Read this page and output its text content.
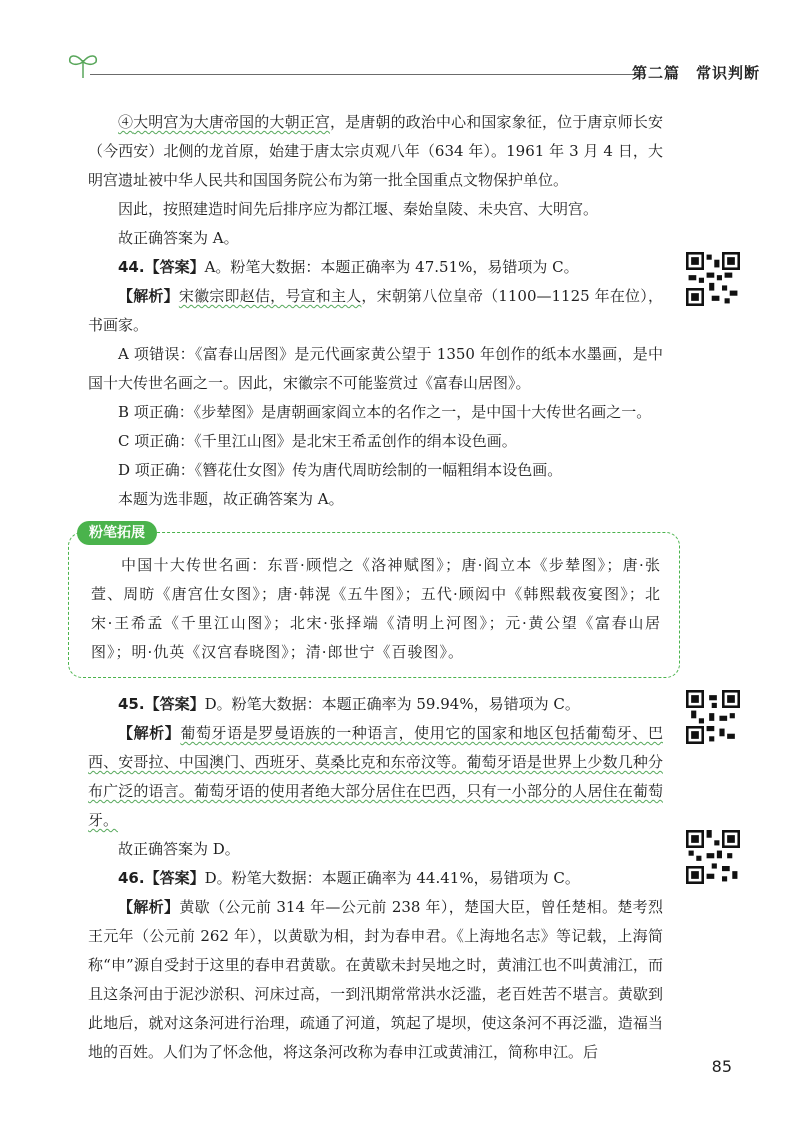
第二篇　常识判断

④大明宫为大唐帝国的大朝正宫，是唐朝的政治中心和国家象征，位于唐京师长安（今西安）北侧的龙首原，始建于唐太宗贞观八年（634 年）。1961 年 3 月 4 日，大明宫遗址被中华人民共和国国务院公布为第一批全国重点文物保护单位。

因此，按照建造时间先后排序应为都江堰、秦始皇陵、未央宫、大明宫。

故正确答案为 A。

44.【答案】A。粉笔大数据：本题正确率为 47.51%，易错项为 C。

【解析】宋徽宗即赵佶，号宣和主人，宋朝第八位皇帝（1100—1125 年在位），书画家。

A 项错误：《富春山居图》是元代画家黄公望于 1350 年创作的纸本水墨画，是中国十大传世名画之一。因此，宋徽宗不可能鉴赏过《富春山居图》。

B 项正确：《步辇图》是唐朝画家阎立本的名作之一，是中国十大传世名画之一。

C 项正确：《千里江山图》是北宋王希孟创作的绢本设色画。

D 项正确：《簪花仕女图》传为唐代周昉绘制的一幅粗绢本设色画。

本题为选非题，故正确答案为 A。

粉笔拓展

中国十大传世名画：东晋·顾恺之《洛神赋图》；唐·阎立本《步辇图》；唐·张萱、周昉《唐宫仕女图》；唐·韩滉《五牛图》；五代·顾闳中《韩熙载夜宴图》；北宋·王希孟《千里江山图》；北宋·张择端《清明上河图》；元·黄公望《富春山居图》；明·仇英《汉宫春晓图》；清·郎世宁《百骏图》。

45.【答案】D。粉笔大数据：本题正确率为 59.94%，易错项为 C。

【解析】葡萄牙语是罗曼语族的一种语言，使用它的国家和地区包括葡萄牙、巴西、安哥拉、中国澳门、西班牙、莫桑比克和东帝汶等。葡萄牙语是世界上少数几种分布广泛的语言。葡萄牙语的使用者绝大部分居住在巴西，只有一小部分的人居住在葡萄牙。

故正确答案为 D。

46.【答案】D。粉笔大数据：本题正确率为 44.41%，易错项为 C。

【解析】黄歇（公元前 314 年—公元前 238 年），楚国大臣，曾任楚相。楚考烈王元年（公元前 262 年），以黄歇为相，封为春申君。《上海地名志》等记载，上海简称“申”源自受封于这里的春申君黄歇。在黄歇未封吴地之时，黄浦江也不叫黄浦江，而且这条河由于泥沙淤积、河床过高，一到汛期常常洪水泛滥，老百姓苦不堪言。黄歇到此地后，就对这条河进行治理，疏通了河道，筑起了堤坝，使这条河不再泛滥，造福当地的百姓。人们为了怀念他，将这条河改称为春申江或黄浦江，简称申江。后

85
